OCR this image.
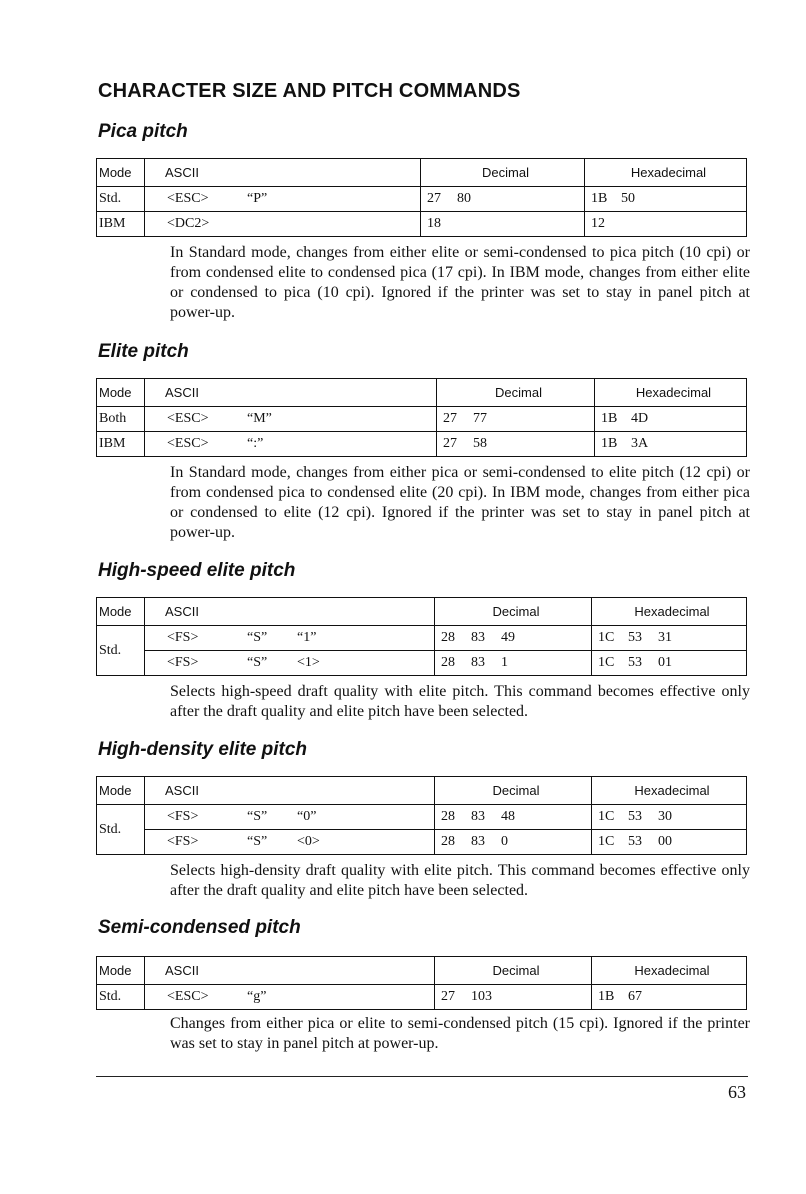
CHARACTER SIZE AND PITCH COMMANDS
Pica pitch
Mode	ASCII	Decimal	Hexadecimal
Std.	<ESC> “P”	27 80	1B 50
IBM	<DC2>	18	12

In Standard mode, changes from either elite or semi-condensed to pica pitch (10 cpi) or from condensed elite to condensed pica (17 cpi). In IBM mode, changes from either elite or condensed to pica (10 cpi). Ignored if the printer was set to stay in panel pitch at power-up.

Elite pitch
Mode	ASCII	Decimal	Hexadecimal
Both	<ESC> “M”	27 77	1B 4D
IBM	<ESC> “:”	27 58	1B 3A

In Standard mode, changes from either pica or semi-condensed to elite pitch (12 cpi) or from condensed pica to condensed elite (20 cpi). In IBM mode, changes from either pica or condensed to elite (12 cpi). Ignored if the printer was set to stay in panel pitch at power-up.

High-speed elite pitch
Mode	ASCII	Decimal	Hexadecimal
Std.	<FS> “S” “1”	28 83 49	1C 53 31
	<FS> “S” <1>	28 83 1	1C 53 01

Selects high-speed draft quality with elite pitch. This command becomes effective only after the draft quality and elite pitch have been selected.

High-density elite pitch
Mode	ASCII	Decimal	Hexadecimal
Std.	<FS> “S” “0”	28 83 48	1C 53 30
	<FS> “S” <0>	28 83 0	1C 53 00

Selects high-density draft quality with elite pitch. This command becomes effective only after the draft quality and elite pitch have been selected.

Semi-condensed pitch
Mode	ASCII	Decimal	Hexadecimal
Std.	<ESC> “g”	27 103	1B 67

Changes from either pica or elite to semi-condensed pitch (15 cpi). Ignored if the printer was set to stay in panel pitch at power-up.

63
